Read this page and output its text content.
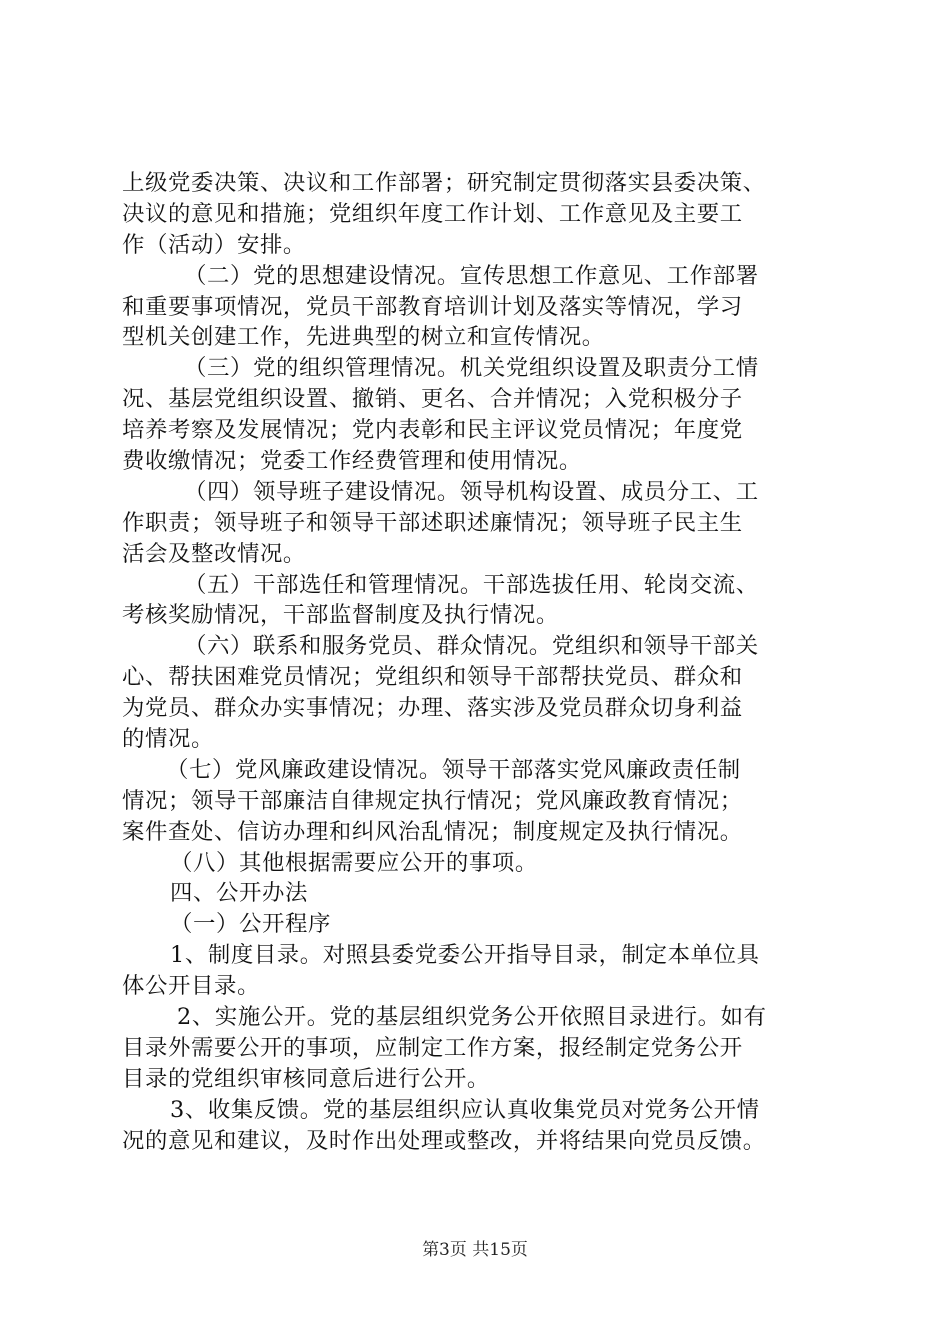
上级党委决策、决议和工作部署；研究制定贯彻落实县委决策、
决议的意见和措施；党组织年度工作计划、工作意见及主要工
作（活动）安排。
（二）党的思想建设情况。宣传思想工作意见、工作部署
和重要事项情况，党员干部教育培训计划及落实等情况，学习
型机关创建工作，先进典型的树立和宣传情况。
（三）党的组织管理情况。机关党组织设置及职责分工情
况、基层党组织设置、撤销、更名、合并情况；入党积极分子
培养考察及发展情况；党内表彰和民主评议党员情况；年度党
费收缴情况；党委工作经费管理和使用情况。
（四）领导班子建设情况。领导机构设置、成员分工、工
作职责；领导班子和领导干部述职述廉情况；领导班子民主生
活会及整改情况。
（五）干部选任和管理情况。干部选拔任用、轮岗交流、
考核奖励情况，干部监督制度及执行情况。
（六）联系和服务党员、群众情况。党组织和领导干部关
心、帮扶困难党员情况；党组织和领导干部帮扶党员、群众和
为党员、群众办实事情况；办理、落实涉及党员群众切身利益
的情况。
（七）党风廉政建设情况。领导干部落实党风廉政责任制
情况；领导干部廉洁自律规定执行情况；党风廉政教育情况；
案件查处、信访办理和纠风治乱情况；制度规定及执行情况。
（八）其他根据需要应公开的事项。
四、公开办法
（一）公开程序
1、制度目录。对照县委党委公开指导目录，制定本单位具
体公开目录。
2、实施公开。党的基层组织党务公开依照目录进行。如有
目录外需要公开的事项，应制定工作方案，报经制定党务公开
目录的党组织审核同意后进行公开。
3、收集反馈。党的基层组织应认真收集党员对党务公开情
况的意见和建议，及时作出处理或整改，并将结果向党员反馈。
第3页 共15页
